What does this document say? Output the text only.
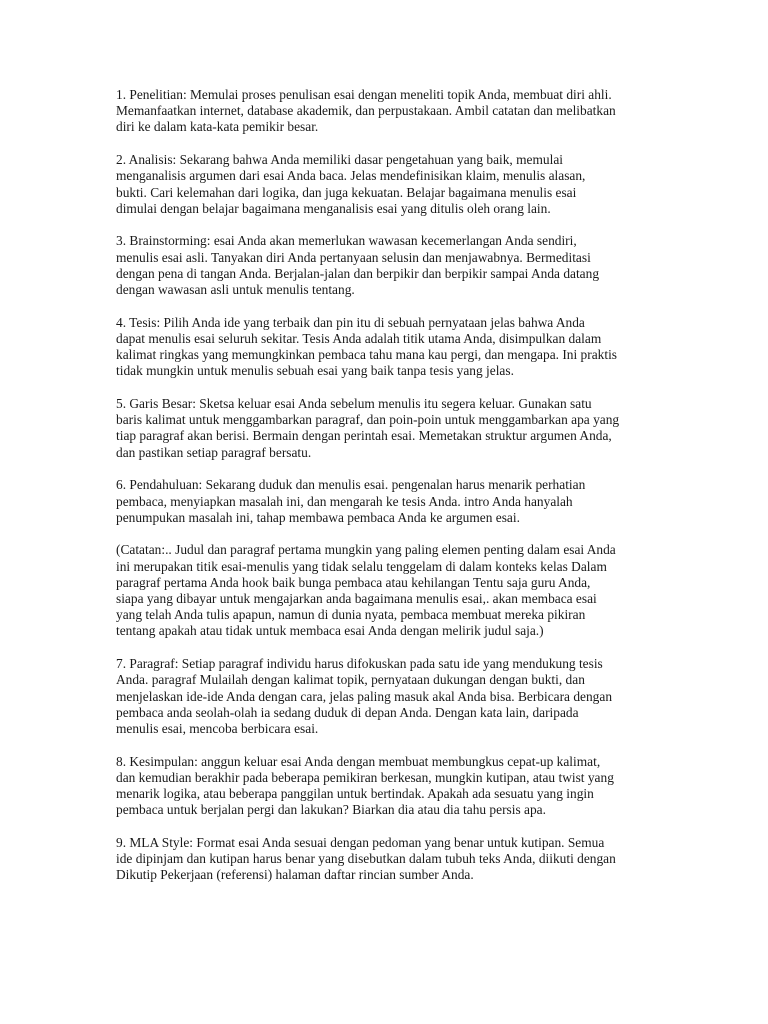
1. Penelitian: Memulai proses penulisan esai dengan meneliti topik Anda, membuat diri ahli.
Memanfaatkan internet, database akademik, dan perpustakaan. Ambil catatan dan melibatkan
diri ke dalam kata-kata pemikir besar.

2. Analisis: Sekarang bahwa Anda memiliki dasar pengetahuan yang baik, memulai
menganalisis argumen dari esai Anda baca. Jelas mendefinisikan klaim, menulis alasan,
bukti. Cari kelemahan dari logika, dan juga kekuatan. Belajar bagaimana menulis esai
dimulai dengan belajar bagaimana menganalisis esai yang ditulis oleh orang lain.

3. Brainstorming: esai Anda akan memerlukan wawasan kecemerlangan Anda sendiri,
menulis esai asli. Tanyakan diri Anda pertanyaan selusin dan menjawabnya. Bermeditasi
dengan pena di tangan Anda. Berjalan-jalan dan berpikir dan berpikir sampai Anda datang
dengan wawasan asli untuk menulis tentang.

4. Tesis: Pilih Anda ide yang terbaik dan pin itu di sebuah pernyataan jelas bahwa Anda
dapat menulis esai seluruh sekitar. Tesis Anda adalah titik utama Anda, disimpulkan dalam
kalimat ringkas yang memungkinkan pembaca tahu mana kau pergi, dan mengapa. Ini praktis
tidak mungkin untuk menulis sebuah esai yang baik tanpa tesis yang jelas.

5. Garis Besar: Sketsa keluar esai Anda sebelum menulis itu segera keluar. Gunakan satu
baris kalimat untuk menggambarkan paragraf, dan poin-poin untuk menggambarkan apa yang
tiap paragraf akan berisi. Bermain dengan perintah esai. Memetakan struktur argumen Anda,
dan pastikan setiap paragraf bersatu.

6. Pendahuluan: Sekarang duduk dan menulis esai. pengenalan harus menarik perhatian
pembaca, menyiapkan masalah ini, dan mengarah ke tesis Anda. intro Anda hanyalah
penumpukan masalah ini, tahap membawa pembaca Anda ke argumen esai.

(Catatan:.. Judul dan paragraf pertama mungkin yang paling elemen penting dalam esai Anda
ini merupakan titik esai-menulis yang tidak selalu tenggelam di dalam konteks kelas Dalam
paragraf pertama Anda hook baik bunga pembaca atau kehilangan Tentu saja guru Anda,
siapa yang dibayar untuk mengajarkan anda bagaimana menulis esai,. akan membaca esai
yang telah Anda tulis apapun, namun di dunia nyata, pembaca membuat mereka pikiran
tentang apakah atau tidak untuk membaca esai Anda dengan melirik judul saja.)

7. Paragraf: Setiap paragraf individu harus difokuskan pada satu ide yang mendukung tesis
Anda. paragraf Mulailah dengan kalimat topik, pernyataan dukungan dengan bukti, dan
menjelaskan ide-ide Anda dengan cara, jelas paling masuk akal Anda bisa. Berbicara dengan
pembaca anda seolah-olah ia sedang duduk di depan Anda. Dengan kata lain, daripada
menulis esai, mencoba berbicara esai.

8. Kesimpulan: anggun keluar esai Anda dengan membuat membungkus cepat-up kalimat,
dan kemudian berakhir pada beberapa pemikiran berkesan, mungkin kutipan, atau twist yang
menarik logika, atau beberapa panggilan untuk bertindak. Apakah ada sesuatu yang ingin
pembaca untuk berjalan pergi dan lakukan? Biarkan dia atau dia tahu persis apa.

9. MLA Style: Format esai Anda sesuai dengan pedoman yang benar untuk kutipan. Semua
ide dipinjam dan kutipan harus benar yang disebutkan dalam tubuh teks Anda, diikuti dengan
Dikutip Pekerjaan (referensi) halaman daftar rincian sumber Anda.
